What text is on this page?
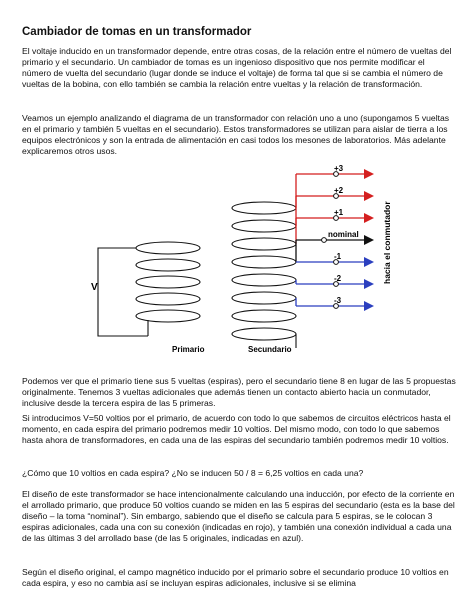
Cambiador de tomas en un transformador

El voltaje inducido en un transformador depende, entre otras cosas, de la relación entre el número de vueltas del primario y el secundario. Un cambiador de tomas es un ingenioso dispositivo que nos permite modificar el número de vuelta del secundario (lugar donde se induce el voltaje) de forma tal que si se cambia el número de vueltas de la bobina, con ello también se cambia la relación entre vueltas y la relación de transformación.

Veamos un ejemplo analizando el diagrama de un transformador con relación uno a uno (supongamos 5 vueltas en el primario y también 5 vueltas en el secundario). Estos transformadores se utilizan para aislar de tierra a los equipos electrónicos y son la entrada de alimentación en casi todos los mesones de laboratorios. Más adelante explicaremos otros usos.

V
Primario	Secundario
+3
+2
+1
nominal
-1
-2
-3
hacia el conmutador

Podemos ver que el primario tiene sus 5 vueltas (espiras), pero el secundario tiene 8 en lugar de las 5 propuestas originalmente. Tenemos 3 vueltas adicionales que además tienen un contacto abierto hacia un conmutador, inclusive desde la tercera espira de las 5 primeras.

Si introducimos V=50 voltios por el primario, de acuerdo con todo lo que sabemos de circuitos eléctricos hasta el momento, en cada espira del primario podremos medir 10 voltios. Del mismo modo, con todo lo que sabemos hasta ahora de transformadores, en cada una de las espiras del secundario también podremos medir 10 voltios.

¿Cómo que 10 voltios en cada espira? ¿No se inducen 50 / 8 = 6,25 voltios en cada una?

El diseño de este transformador se hace intencionalmente calculando una inducción, por efecto de la corriente en el arrollado primario, que produce 50 voltios cuando se miden en las 5 espiras del secundario (esta es la base del diseño – la toma “nominal”). Sin embargo, sabiendo que el diseño se calcula para 5 espiras, se le colocan 3 espiras adicionales, cada una con su conexión (indicadas en rojo), y también una conexión individual a cada una de las últimas 3 del arrollado base (de las 5 originales, indicadas en azul).

Según el diseño original, el campo magnético inducido por el primario sobre el secundario produce 10 voltios en cada espira, y eso no cambia así se incluyan espiras adicionales, inclusive si se elimina
